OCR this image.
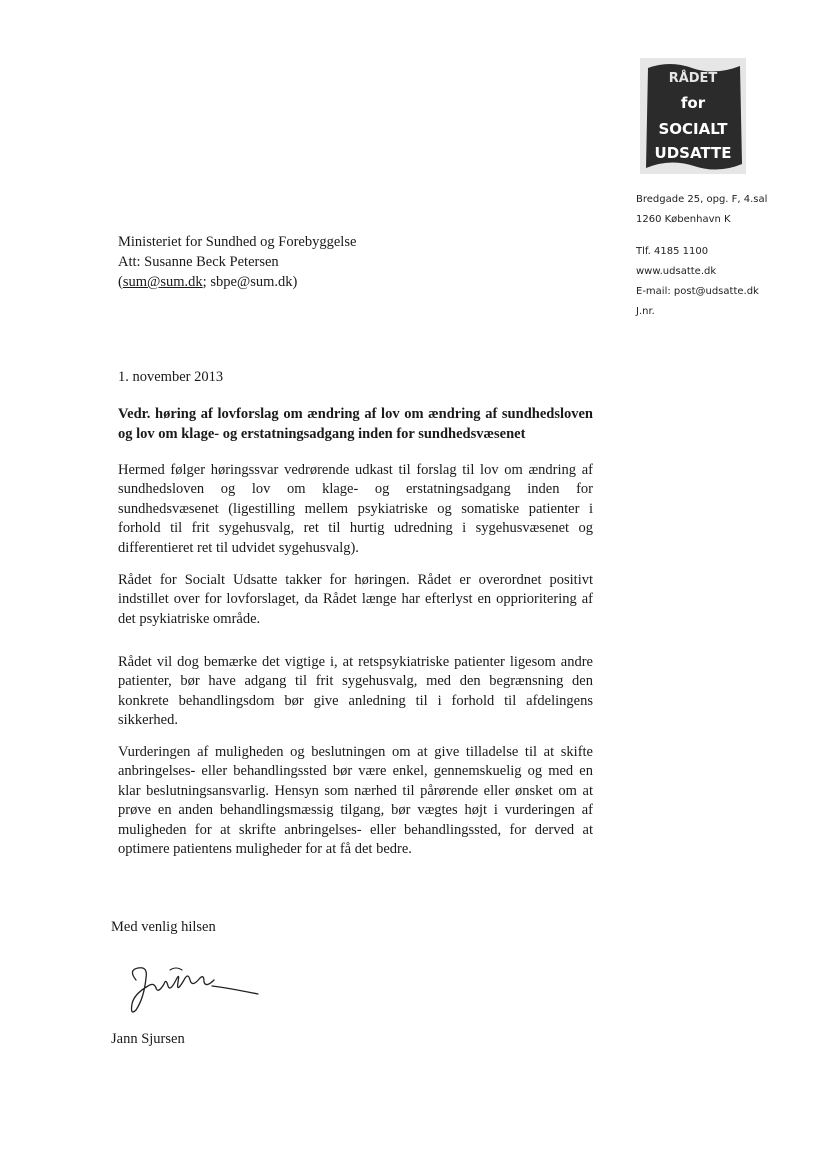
RÅDET
for
SOCIALT
UDSATTE
Bredgade 25, opg. F, 4.sal
1260 København K
Tlf. 4185 1100
www.udsatte.dk
E-mail: post@udsatte.dk
J.nr.
Ministeriet for Sundhed og Forebyggelse
Att: Susanne Beck Petersen
(sum@sum.dk; sbpe@sum.dk)
1. november 2013
Vedr. høring af lovforslag om ændring af lov om ændring af sundhedsloven og lov om klage- og erstatningsadgang inden for sundhedsvæsenet
Hermed følger høringssvar vedrørende udkast til forslag til lov om ændring af sundhedsloven og lov om klage- og erstatningsadgang inden for sundhedsvæsenet (ligestilling mellem psykiatriske og somatiske patienter i forhold til frit sygehusvalg, ret til hurtig udredning i sygehusvæsenet og differentieret ret til udvidet sygehusvalg).
Rådet for Socialt Udsatte takker for høringen. Rådet er overordnet positivt indstillet over for lovforslaget, da Rådet længe har efterlyst en opprioritering af det psykiatriske område.
Rådet vil dog bemærke det vigtige i, at retspsykiatriske patienter ligesom andre patienter, bør have adgang til frit sygehusvalg, med den begrænsning den konkrete behandlingsdom bør give anledning til i forhold til afdelingens sikkerhed.
Vurderingen af muligheden og beslutningen om at give tilladelse til at skifte anbringelses- eller behandlingssted bør være enkel, gennemskuelig og med en klar beslutningsansvarlig. Hensyn som nærhed til pårørende eller ønsket om at prøve en anden behandlingsmæssig tilgang, bør vægtes højt i vurderingen af muligheden for at skrifte anbringelses- eller behandlingssted, for derved at optimere patientens muligheder for at få det bedre.
Med venlig hilsen
Jann Sjursen
